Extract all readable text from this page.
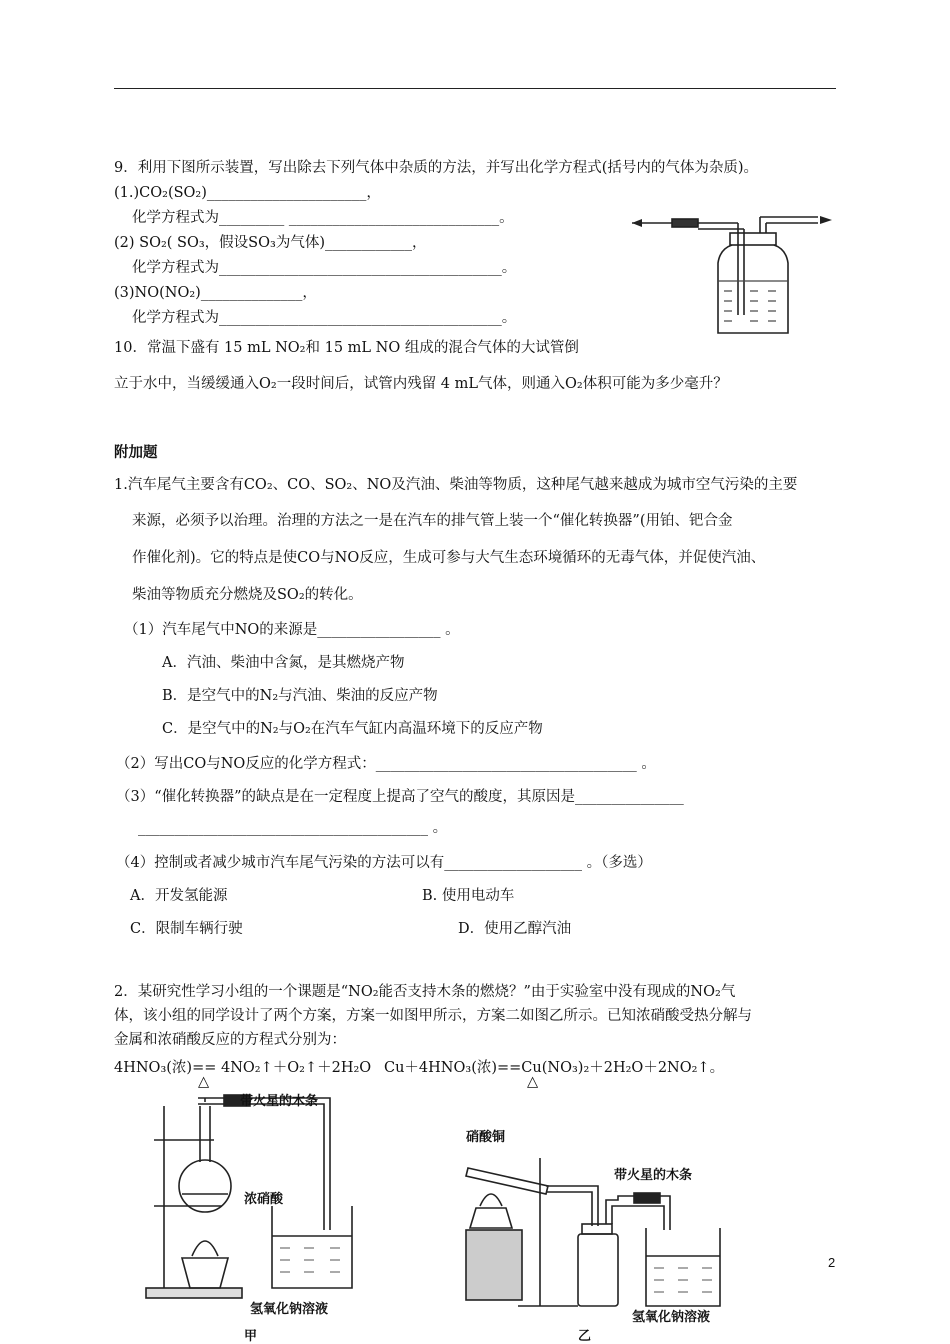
9．利用下图所示装置，写出除去下列气体中杂质的方法，并写出化学方程式(括号内的气体为杂质)。
(1.)CO₂(SO₂)______________________，
化学方程式为_________ _____________________________。
(2) SO₂( SO₃，假设SO₃为气体)____________，
化学方程式为_______________________________________。
(3)NO(NO₂)______________，
化学方程式为_______________________________________。
10．常温下盛有 15 mL NO₂和 15 mL NO 组成的混合气体的大试管倒
立于水中，当缓缓通入O₂一段时间后，试管内残留 4 mL气体，则通入O₂体积可能为多少毫升？
附加题
1.汽车尾气主要含有CO₂、CO、SO₂、NO及汽油、柴油等物质，这种尾气越来越成为城市空气污染的主要
来源，必须予以治理。治理的方法之一是在汽车的排气管上装一个“催化转换器”(用铂、钯合金
作催化剂)。它的特点是使CO与NO反应，生成可参与大气生态环境循环的无毒气体，并促使汽油、
柴油等物质充分燃烧及SO₂的转化。
（1）汽车尾气中NO的来源是_________________ 。
A．汽油、柴油中含氮，是其燃烧产物
B．是空气中的N₂与汽油、柴油的反应产物
C．是空气中的N₂与O₂在汽车气缸内高温环境下的反应产物
（2）写出CO与NO反应的化学方程式：____________________________________ 。
（3）“催化转换器”的缺点是在一定程度上提高了空气的酸度，其原因是_______________
________________________________________ 。
（4）控制或者减少城市汽车尾气污染的方法可以有___________________ 。（多选）
A．开发氢能源	B. 使用电动车
C．限制车辆行驶	D．使用乙醇汽油
2．某研究性学习小组的一个课题是“NO₂能否支持木条的燃烧？”由于实验室中没有现成的NO₂气
体，该小组的同学设计了两个方案，方案一如图甲所示，方案二如图乙所示。已知浓硝酸受热分解与
金属和浓硝酸反应的方程式分别为：
4HNO₃(浓)== 4NO₂↑＋O₂↑＋2H₂O Cu＋4HNO₃(浓)==Cu(NO₃)₂＋2H₂O＋2NO₂↑。
△	△
带火星的木条
浓硝酸
氢氧化钠溶液
甲
硝酸铜
带火星的木条
氢氧化钠溶液
乙
2
